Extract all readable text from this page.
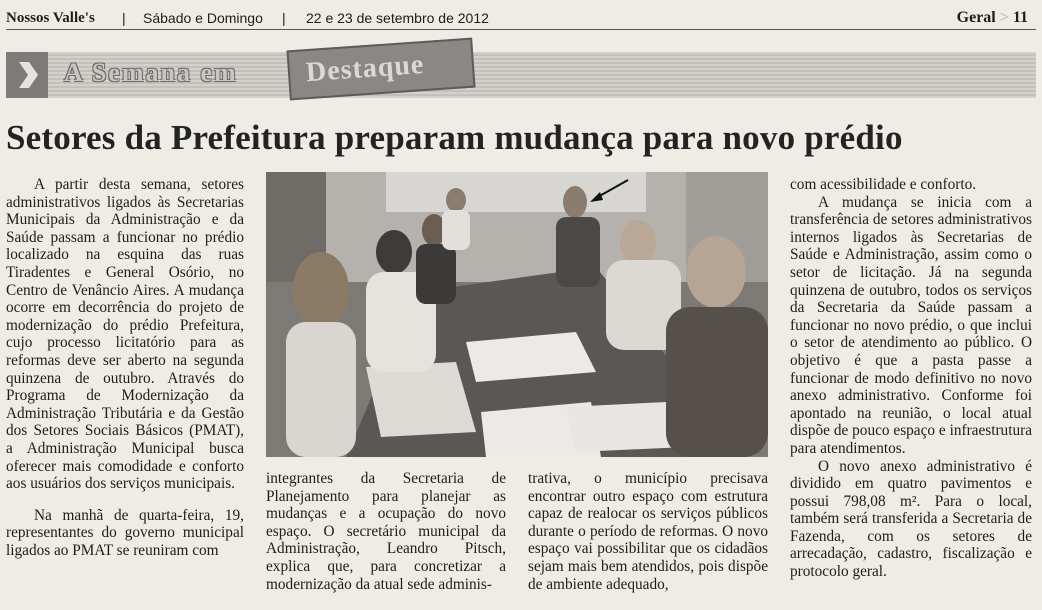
Nossos Valle's | Sábado e Domingo | 22 e 23 de setembro de 2012	Geral > 11
A Semana em Destaque
Setores da Prefeitura preparam mudança para novo prédio

A partir desta semana, setores administrativos ligados às Secretarias Municipais da Administração e da Saúde passam a funcionar no prédio localizado na esquina das ruas Tiradentes e General Osório, no Centro de Venâncio Aires. A mudança ocorre em decorrência do projeto de modernização do prédio Prefeitura, cujo processo licitatório para as reformas deve ser aberto na segunda quinzena de outubro. Através do Programa de Modernização da Administração Tributária e da Gestão dos Setores Sociais Básicos (PMAT), a Administração Municipal busca oferecer mais comodidade e conforto aos usuários dos serviços municipais.

Na manhã de quarta-feira, 19, representantes do governo municipal ligados ao PMAT se reuniram com

integrantes da Secretaria de Planejamento para planejar as mudanças e a ocupação do novo espaço. O secretário municipal da Administração, Leandro Pitsch, explica que, para concretizar a modernização da atual sede adminis-

trativa, o município precisava encontrar outro espaço com estrutura capaz de realocar os serviços públicos durante o período de reformas. O novo espaço vai possibilitar que os cidadãos sejam mais bem atendidos, pois dispõe de ambiente adequado,

com acessibilidade e conforto.

A mudança se inicia com a transferência de setores administrativos internos ligados às Secretarias de Saúde e Administração, assim como o setor de licitação. Já na segunda quinzena de outubro, todos os serviços da Secretaria da Saúde passam a funcionar no novo prédio, o que inclui o setor de atendimento ao público. O objetivo é que a pasta passe a funcionar de modo definitivo no novo anexo administrativo. Conforme foi apontado na reunião, o local atual dispõe de pouco espaço e infraestrutura para atendimentos.

O novo anexo administrativo é dividido em quatro pavimentos e possui 798,08 m². Para o local, também será transferida a Secretaria de Fazenda, com os setores de arrecadação, cadastro, fiscalização e protocolo geral.
